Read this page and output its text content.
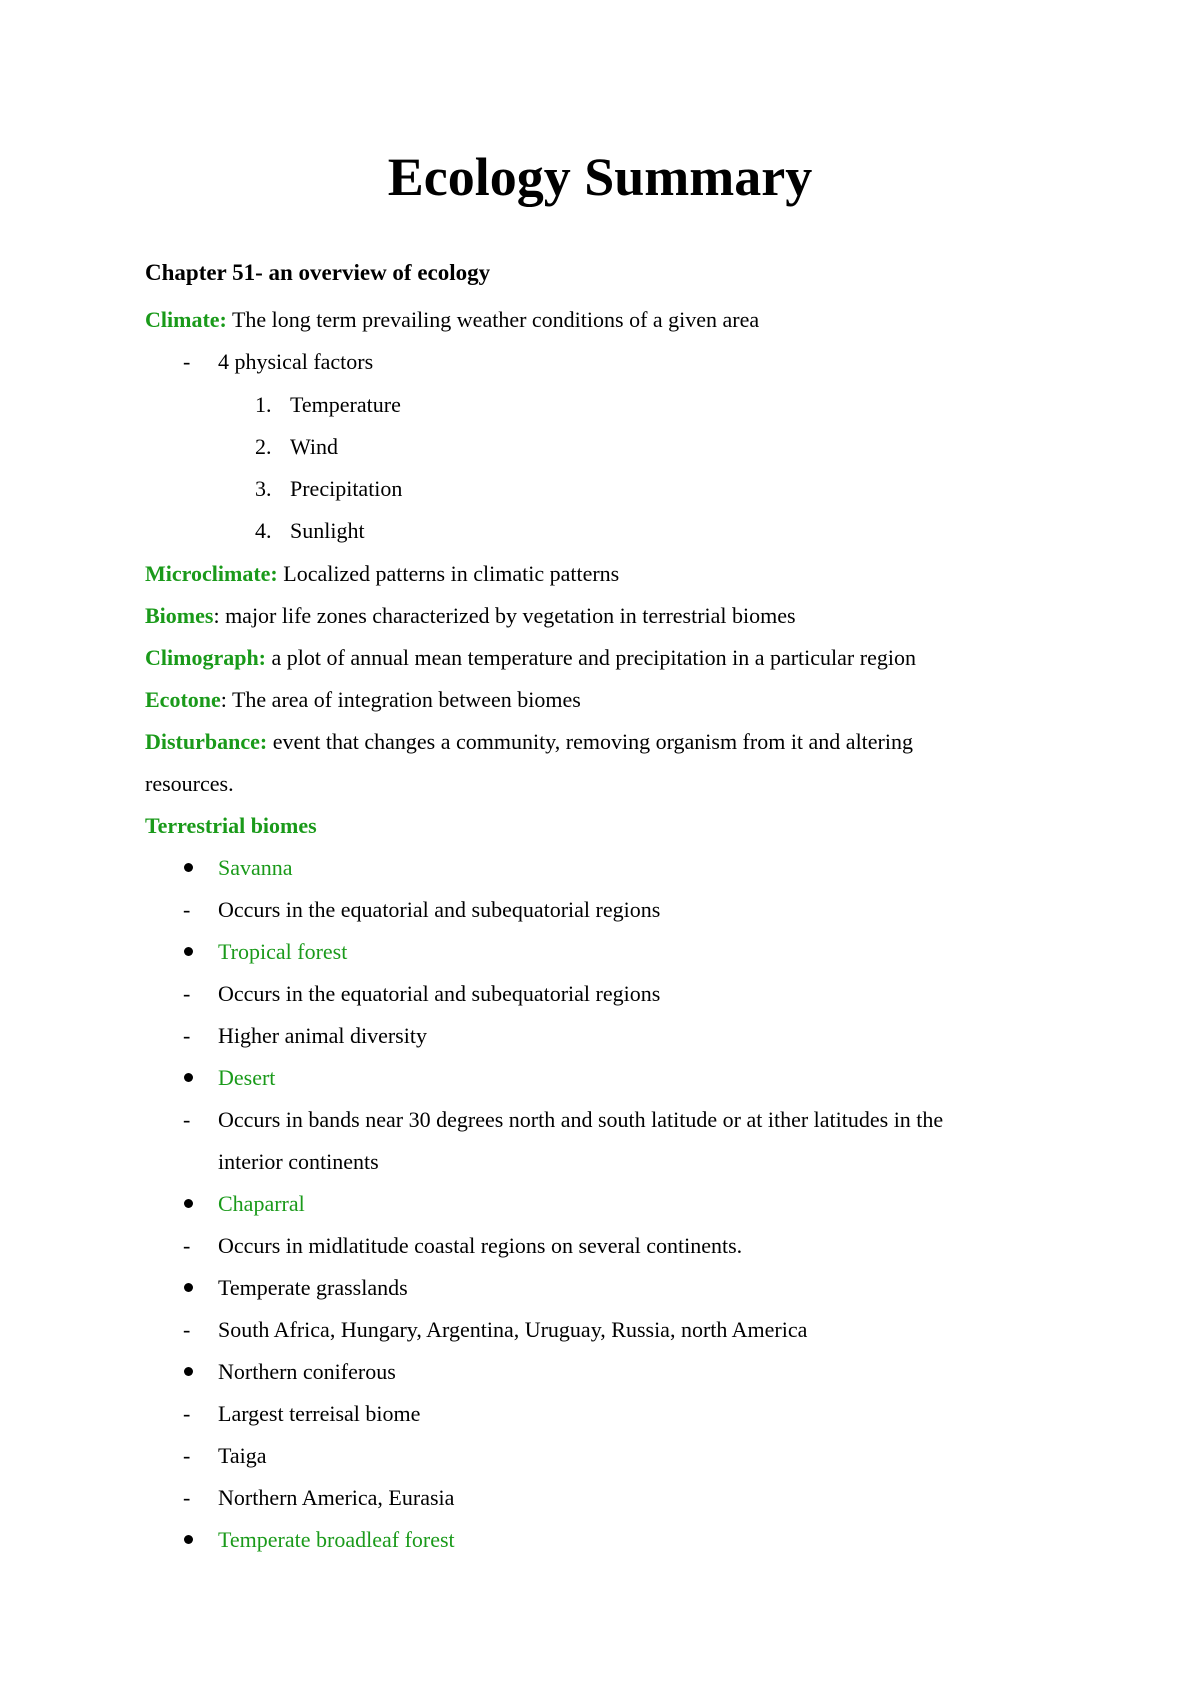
Ecology Summary
Chapter 51- an overview of ecology
Climate: The long term prevailing weather conditions of a given area
- 4 physical factors
1. Temperature
2. Wind
3. Precipitation
4. Sunlight
Microclimate: Localized patterns in climatic patterns
Biomes: major life zones characterized by vegetation in terrestrial biomes
Climograph: a plot of annual mean temperature and precipitation in a particular region
Ecotone: The area of integration between biomes
Disturbance: event that changes a community, removing organism from it and altering
resources.
Terrestrial biomes
Savanna
- Occurs in the equatorial and subequatorial regions
Tropical forest
- Occurs in the equatorial and subequatorial regions
- Higher animal diversity
Desert
- Occurs in bands near 30 degrees north and south latitude or at ither latitudes in the
interior continents
Chaparral
- Occurs in midlatitude coastal regions on several continents.
Temperate grasslands
- South Africa, Hungary, Argentina, Uruguay, Russia, north America
Northern coniferous
- Largest terreisal biome
- Taiga
- Northern America, Eurasia
Temperate broadleaf forest
